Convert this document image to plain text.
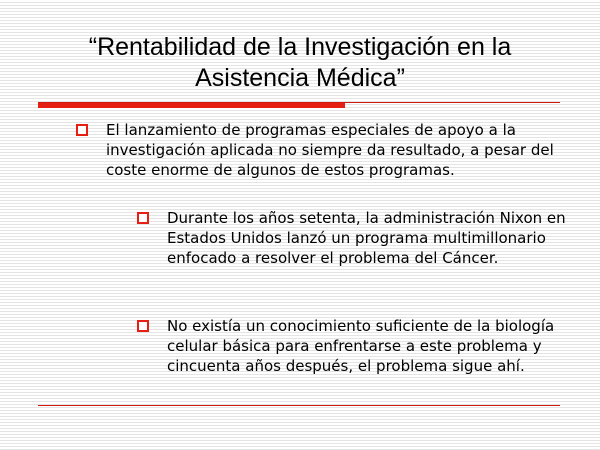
“Rentabilidad de la Investigación en la
Asistencia Médica”

El lanzamiento de programas especiales de apoyo a la investigación aplicada no siempre da resultado, a pesar del coste enorme de algunos de estos programas.

Durante los años setenta, la administración Nixon en Estados Unidos lanzó un programa multimillonario enfocado a resolver el problema del Cáncer.

No existía un conocimiento suficiente de la biología celular básica para enfrentarse a este problema y cincuenta años después, el problema sigue ahí.
